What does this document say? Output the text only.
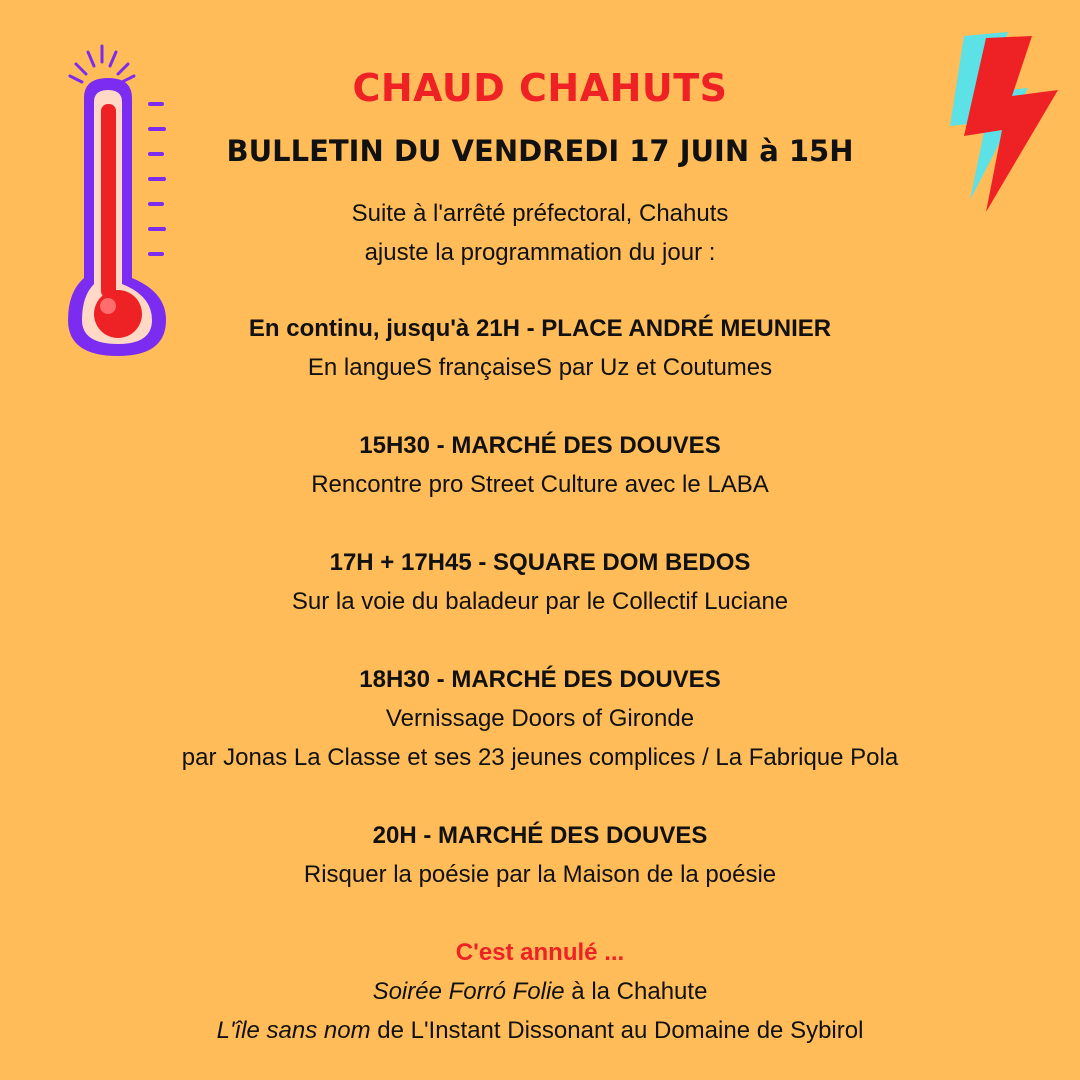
CHAUD CHAHUTS
BULLETIN DU VENDREDI 17 JUIN à 15H
Suite à l'arrêté préfectoral, Chahuts
ajuste la programmation du jour :
En continu, jusqu'à 21H - PLACE ANDRÉ MEUNIER
En langueS françaiseS par Uz et Coutumes
15H30 - MARCHÉ DES DOUVES
Rencontre pro Street Culture avec le LABA
17H + 17H45 - SQUARE DOM BEDOS
Sur la voie du baladeur par le Collectif Luciane
18H30 - MARCHÉ DES DOUVES
Vernissage Doors of Gironde
par Jonas La Classe et ses 23 jeunes complices / La Fabrique Pola
20H - MARCHÉ DES DOUVES
Risquer la poésie par la Maison de la poésie
C'est annulé ...
Soirée Forró Folie à la Chahute
L'île sans nom de L'Instant Dissonant au Domaine de Sybirol
